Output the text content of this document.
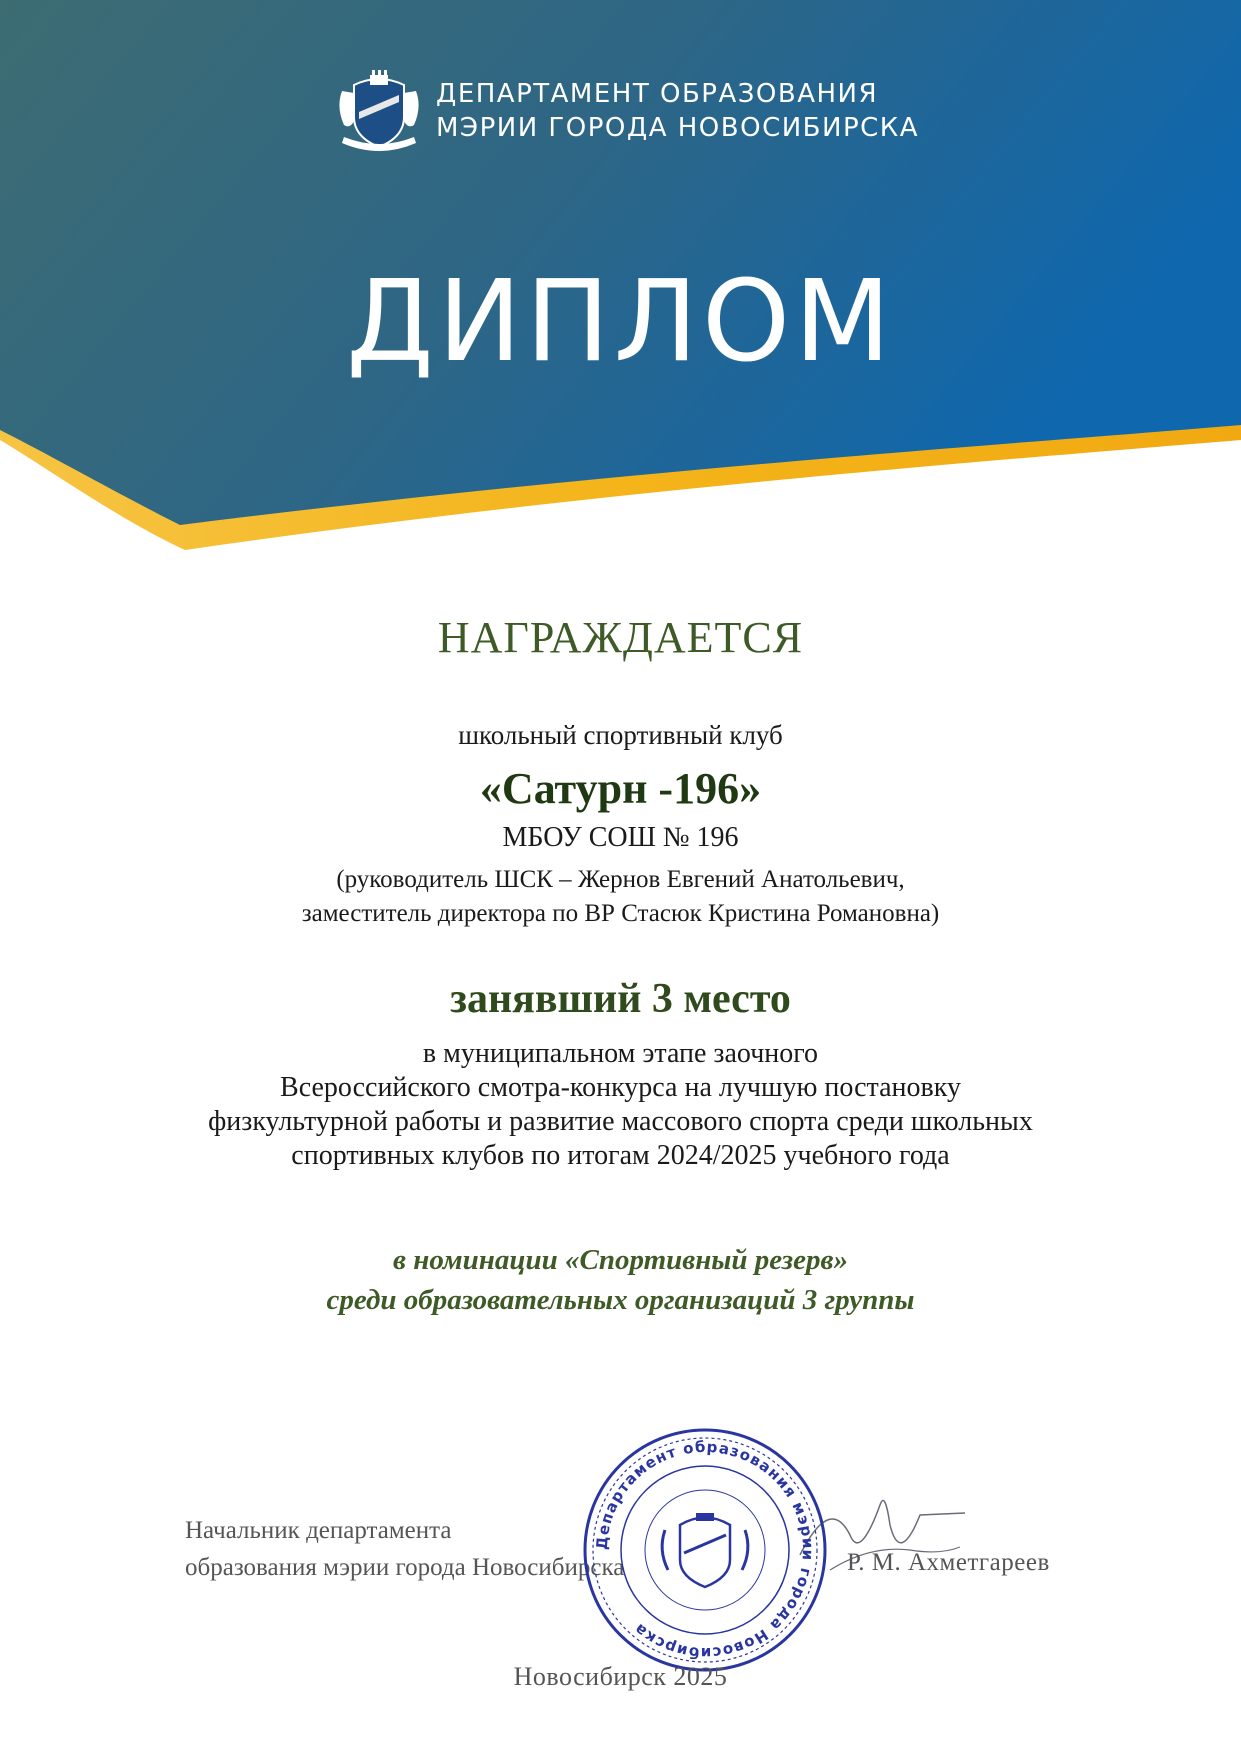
ДЕПАРТАМЕНТ ОБРАЗОВАНИЯ
МЭРИИ ГОРОДА НОВОСИБИРСКА
ДИПЛОМ
НАГРАЖДАЕТСЯ
школьный спортивный клуб
«Сатурн -196»
МБОУ СОШ № 196
(руководитель ШСК – Жернов Евгений Анатольевич,
заместитель директора по ВР Стасюк Кристина Романовна)
занявший 3 место
в муниципальном этапе заочного
Всероссийского смотра-конкурса на лучшую постановку
физкультурной работы и развитие массового спорта среди школьных
спортивных клубов по итогам 2024/2025 учебного года
в номинации «Спортивный резерв»
среди образовательных организаций 3 группы
Начальник департамента
образования мэрии города Новосибирска
Департамент образования мэрии города Новосибирска
Р. М. Ахметгареев
Новосибирск 2025
